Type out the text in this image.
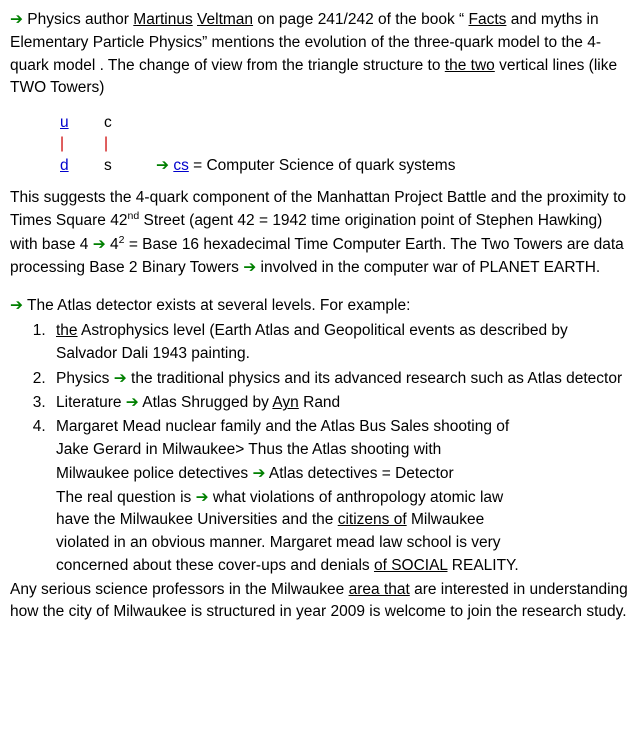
➔ Physics author Martinus Veltman on page 241/242 of the book “ Facts and myths in Elementary Particle Physics” mentions the evolution of the three-quark model to the 4-quark model . The change of view from the triangle structure to the two vertical lines (like TWO Towers)

u	c
|	|
d	s	➔ cs = Computer Science of quark systems

This suggests the 4-quark component of the Manhattan Project Battle and the proximity to Times Square 42nd Street (agent 42 = 1942 time origination point of Stephen Hawking) with base 4 ➔ $4^2$ = Base 16 hexadecimal Time Computer Earth. The Two Towers are data processing Base 2 Binary Towers ➔ involved in the computer war of PLANET EARTH.

➔ The Atlas detector exists at several levels. For example:

1. the Astrophysics level (Earth Atlas and Geopolitical events as described by Salvador Dali 1943 painting.
2. Physics ➔ the traditional physics and its advanced research such as Atlas detector
3. Literature ➔ Atlas Shrugged by Ayn Rand
4. Margaret Mead nuclear family and the Atlas Bus Sales shooting of
Jake Gerard in Milwaukee> Thus the Atlas shooting with
Milwaukee police detectives ➔ Atlas detectives = Detector
The real question is ➔ what violations of anthropology atomic law
have the Milwaukee Universities and the citizens of Milwaukee
violated in an obvious manner. Margaret mead law school is very
concerned about these cover-ups and denials of SOCIAL REALITY.

Any serious science professors in the Milwaukee area that are interested in understanding how the city of Milwaukee is structured in year 2009 is welcome to join the research study.
